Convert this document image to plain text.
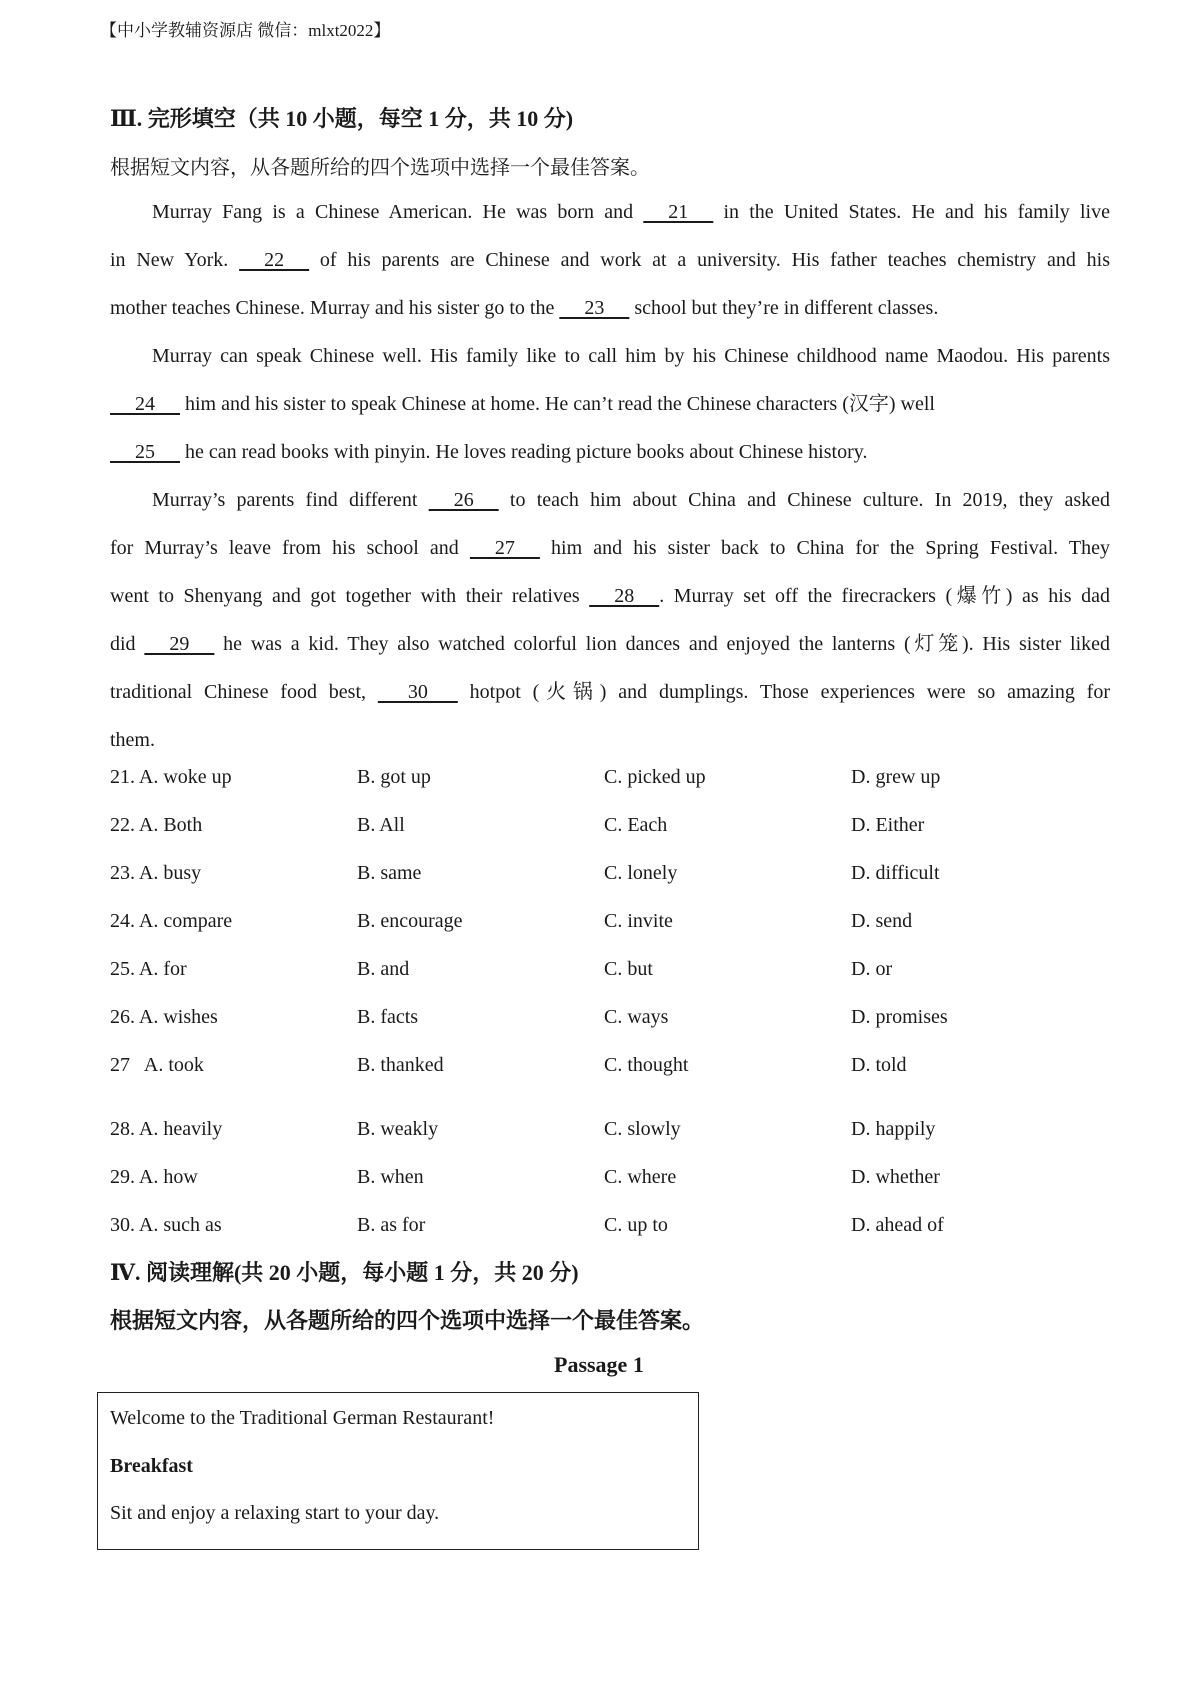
【中小学教辅资源店 微信：mlxt2022】
Ⅲ. 完形填空（共 10 小题，每空 1 分，共 10 分)
根据短文内容，从各题所给的四个选项中选择一个最佳答案。
Murray Fang is a Chinese American. He was born and      21      in the United States. He and his family live
in New York.      22      of his parents are Chinese and work at a university. His father teaches chemistry and his
mother teaches Chinese. Murray and his sister go to the      23      school but they’re in different classes.
Murray can speak Chinese well. His family like to call him by his Chinese childhood name Maodou. His parents
24      him and his sister to speak Chinese at home. He can’t read the Chinese characters (汉字) well
25      he can read books with pinyin. He loves reading picture books about Chinese history.
Murray’s parents find different      26      to teach him about China and Chinese culture. In 2019, they asked
for Murray’s leave from his school and      27      him and his sister back to China for the Spring Festival. They
went to Shenyang and got together with their relatives      28     . Murray set off the firecrackers (爆竹) as his dad
did      29      he was a kid. They also watched colorful lion dances and enjoyed the lanterns (灯笼). His sister liked
traditional Chinese food best,       30       hotpot (火锅) and dumplings. Those experiences were so amazing for
them.
21. A. woke up	B. got up	C. picked up	D. grew up
22. A. Both	B. All	C. Each	D. Either
23. A. busy	B. same	C. lonely	D. difficult
24. A. compare	B. encourage	C. invite	D. send
25. A. for	B. and	C. but	D. or
26. A. wishes	B. facts	C. ways	D. promises
27   A. took	B. thanked	C. thought	D. told
28. A. heavily	B. weakly	C. slowly	D. happily
29. A. how	B. when	C. where	D. whether
30. A. such as	B. as for	C. up to	D. ahead of
Ⅳ. 阅读理解(共 20 小题，每小题 1 分，共 20 分)
根据短文内容，从各题所给的四个选项中选择一个最佳答案。
Passage 1
Welcome to the Traditional German Restaurant!
Breakfast
Sit and enjoy a relaxing start to your day.
